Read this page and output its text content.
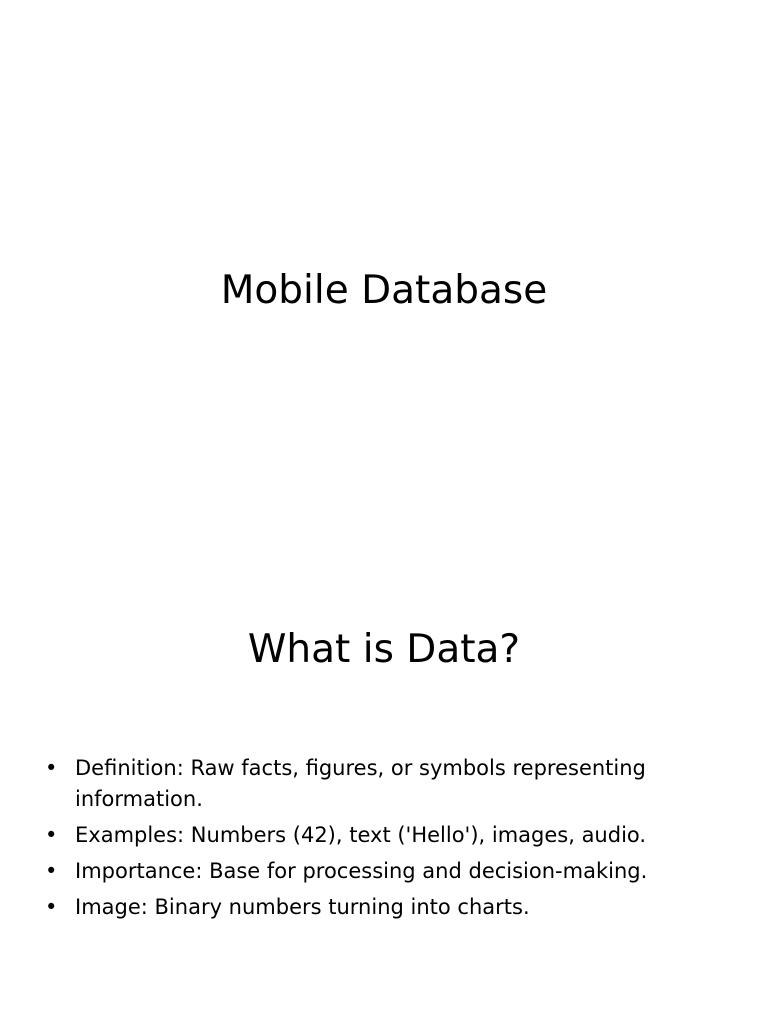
Mobile Database
What is Data?
• Definition: Raw facts, figures, or symbols representing information.
• Examples: Numbers (42), text ('Hello'), images, audio.
• Importance: Base for processing and decision-making.
• Image: Binary numbers turning into charts.
